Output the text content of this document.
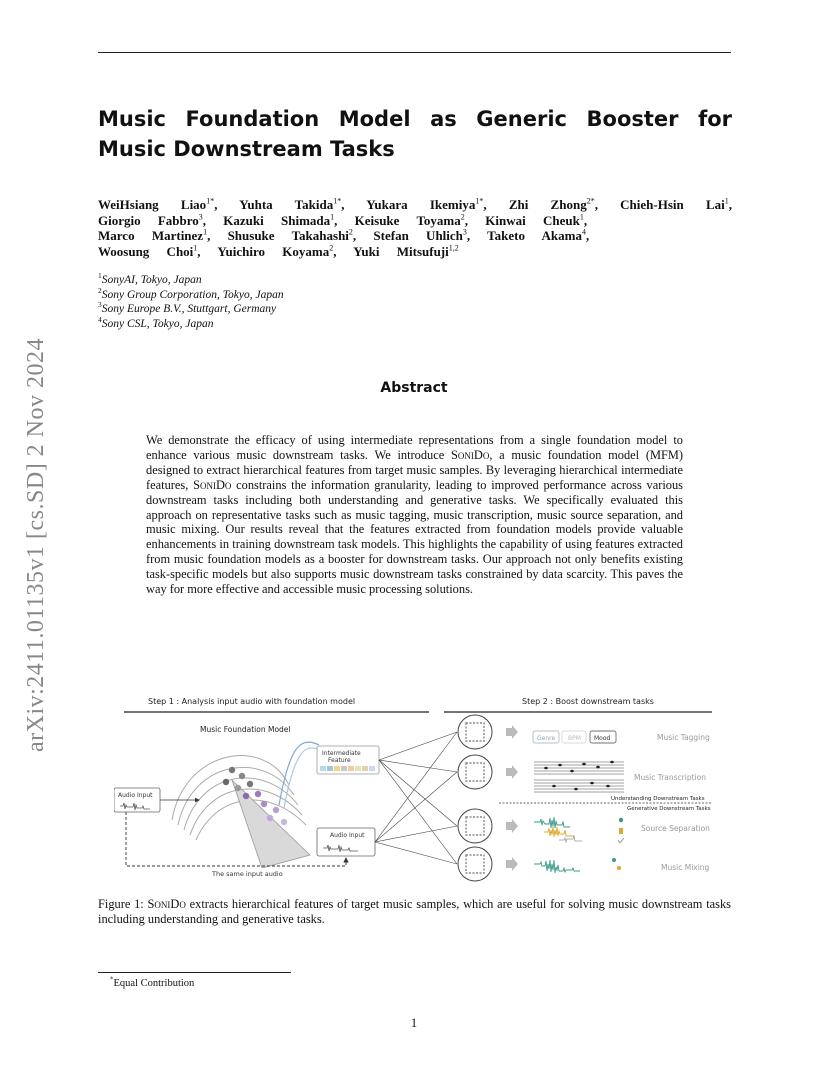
arXiv:2411.01135v1 [cs.SD] 2 Nov 2024
Music Foundation Model as Generic Booster for Music Downstream Tasks
WeiHsiang Liao$^{1*}$, Yuhta Takida$^{1*}$, Yukara Ikemiya$^{1*}$, Zhi Zhong$^{2*}$, Chieh-Hsin Lai$^1$,
Giorgio Fabbro$^3$, Kazuki Shimada$^1$, Keisuke Toyama$^2$, Kinwai Cheuk$^1$,
Marco Martinez$^1$, Shusuke Takahashi$^2$, Stefan Uhlich$^3$, Taketo Akama$^4$,
Woosung Choi$^1$, Yuichiro Koyama$^2$, Yuki Mitsufuji$^{1,2}$
$^1$SonyAI, Tokyo, Japan
$^2$Sony Group Corporation, Tokyo, Japan
$^3$Sony Europe B.V., Stuttgart, Germany
$^4$Sony CSL, Tokyo, Japan
Abstract
We demonstrate the efficacy of using intermediate representations from a single foundation model to enhance various music downstream tasks. We introduce SoniDo, a music foundation model (MFM) designed to extract hierarchical features from target music samples. By leveraging hierarchical intermediate features, SoniDo constrains the information granularity, leading to improved performance across various downstream tasks including both understanding and generative tasks. We specifically evaluated this approach on representative tasks such as music tagging, music transcription, music source separation, and music mixing. Our results reveal that the features extracted from foundation models provide valuable enhancements in training downstream task models. This highlights the capability of using features extracted from music foundation models as a booster for downstream tasks. Our approach not only benefits existing task-specific models but also supports music downstream tasks constrained by data scarcity. This paves the way for more effective and accessible music processing solutions.
Step 1 : Analysis input audio with foundation model	Step 2 : Boost downstream tasks
Music Foundation Model
Intermediate
Feature
Audio Input
Audio Input
The same input audio
Genre BPM Mood
Understanding Downstream Tasks
Generative Downstream Tasks
Music Tagging
Music Transcription
Source Separation
Music Mixing
Figure 1: SoniDo extracts hierarchical features of target music samples, which are useful for solving music downstream tasks including understanding and generative tasks.
*Equal Contribution
1
